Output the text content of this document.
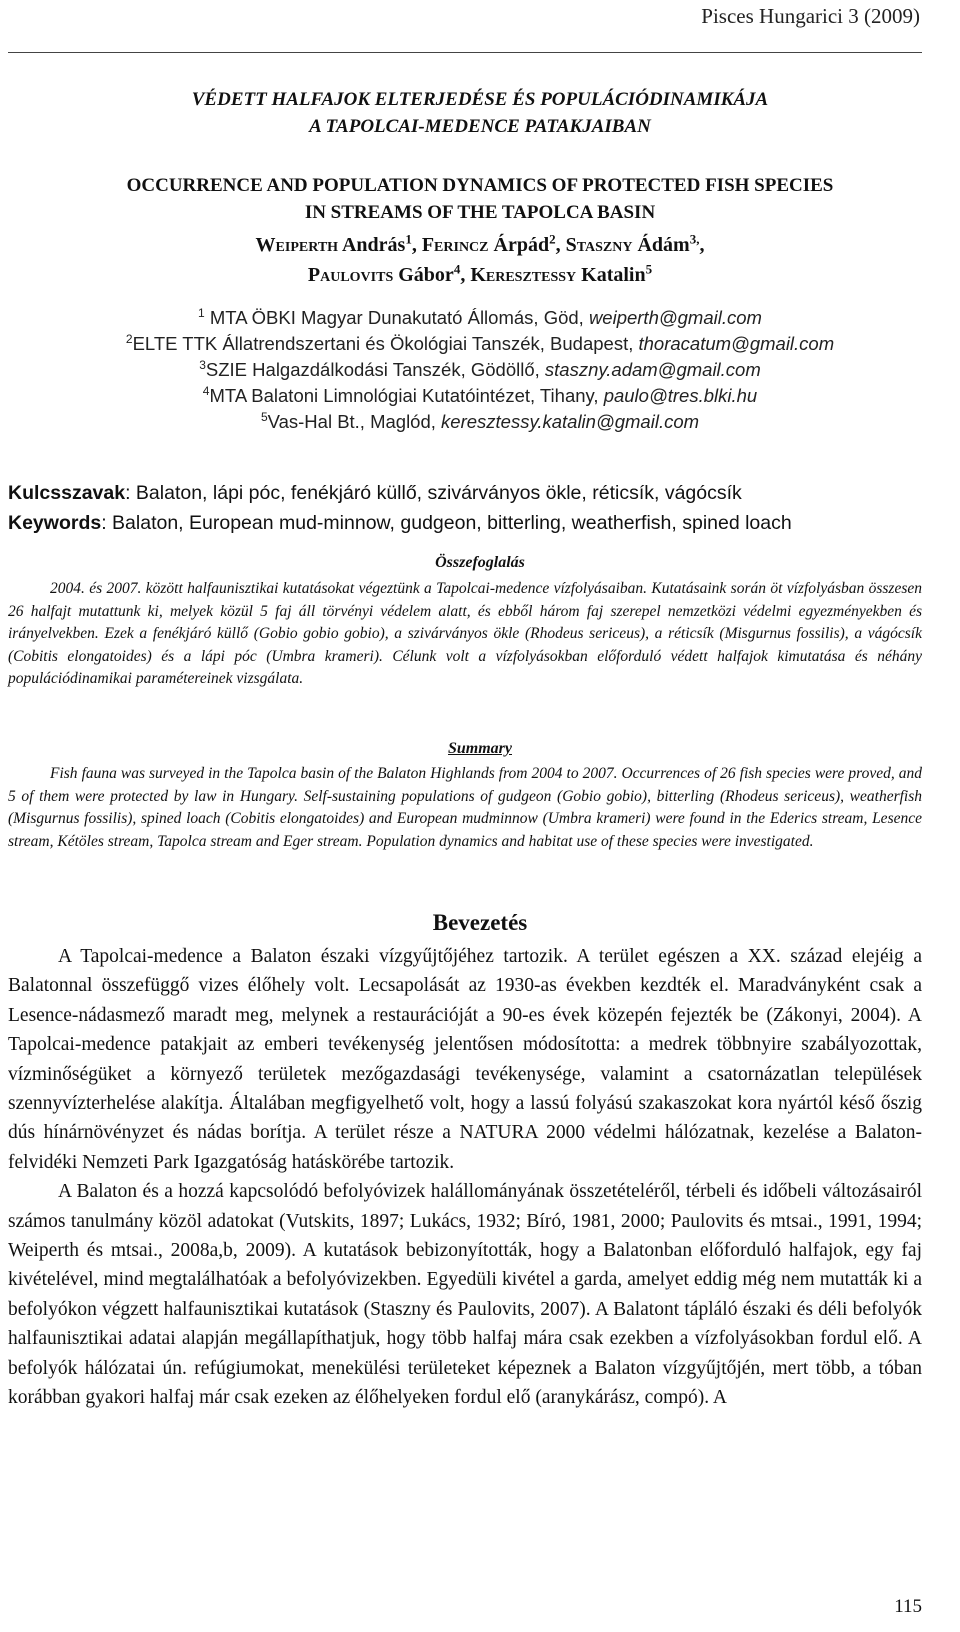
Pisces Hungarici 3 (2009)
VÉDETT HALFAJOK ELTERJEDÉSE ÉS POPULÁCIÓDINAMIKÁJA
A TAPOLCAI-MEDENCE PATAKJAIBAN
OCCURRENCE AND POPULATION DYNAMICS OF PROTECTED FISH SPECIES
IN STREAMS OF THE TAPOLCA BASIN
Weiperth András$^1$, Ferincz Árpád$^2$, Staszny Ádám$^{3,}$,
Paulovits Gábor$^4$, Keresztessy Katalin$^5$
$^1$ MTA ÖBKI Magyar Dunakutató Állomás, Göd, weiperth@gmail.com
$^2$ELTE TTK Állatrendszertani és Ökológiai Tanszék, Budapest, thoracatum@gmail.com
$^3$SZIE Halgazdálkodási Tanszék, Gödöllő, staszny.adam@gmail.com
$^4$MTA Balatoni Limnológiai Kutatóintézet, Tihany, paulo@tres.blki.hu
$^5$Vas-Hal Bt., Maglód, keresztessy.katalin@gmail.com
Kulcsszavak: Balaton, lápi póc, fenékjáró küllő, szivárványos ökle, réticsík, vágócsík
Keywords: Balaton, European mud-minnow, gudgeon, bitterling, weatherfish, spined loach
Összefoglalás

2004. és 2007. között halfaunisztikai kutatásokat végeztünk a Tapolcai-medence vízfolyásaiban. Kutatásaink során öt vízfolyásban összesen 26 halfajt mutattunk ki, melyek közül 5 faj áll törvényi védelem alatt, és ebből három faj szerepel nemzetközi védelmi egyezményekben és irányelvekben. Ezek a fenékjáró küllő (Gobio gobio gobio), a szivárványos ökle (Rhodeus sericeus), a réticsík (Misgurnus fossilis), a vágócsík (Cobitis elongatoides) és a lápi póc (Umbra krameri). Célunk volt a vízfolyásokban előforduló védett halfajok kimutatása és néhány populációdinamikai paramétereinek vizsgálata.

Summary

Fish fauna was surveyed in the Tapolca basin of the Balaton Highlands from 2004 to 2007. Occurrences of 26 fish species were proved, and 5 of them were protected by law in Hungary. Self-sustaining populations of gudgeon (Gobio gobio), bitterling (Rhodeus sericeus), weatherfish (Misgurnus fossilis), spined loach (Cobitis elongatoides) and European mudminnow (Umbra krameri) were found in the Ederics stream, Lesence stream, Kétöles stream, Tapolca stream and Eger stream. Population dynamics and habitat use of these species were investigated.

Bevezetés

A Tapolcai-medence a Balaton északi vízgyűjtőjéhez tartozik. A terület egészen a XX. század elejéig a Balatonnal összefüggő vizes élőhely volt. Lecsapolását az 1930-as években kezdték el. Maradványként csak a Lesence-nádasmező maradt meg, melynek a restaurációját a 90-es évek közepén fejezték be (Zákonyi, 2004). A Tapolcai-medence patakjait az emberi tevékenység jelentősen módosította: a medrek többnyire szabályozottak, vízminőségüket a környező területek mezőgazdasági tevékenysége, valamint a csatornázatlan települések szennyvízterhelése alakítja. Általában megfigyelhető volt, hogy a lassú folyású szakaszokat kora nyártól késő őszig dús hínárnövényzet és nádas borítja. A terület része a NATURA 2000 védelmi hálózatnak, kezelése a Balaton-felvidéki Nemzeti Park Igazgatóság hatáskörébe tartozik.

A Balaton és a hozzá kapcsolódó befolyóvizek halállományának összetételéről, térbeli és időbeli változásairól számos tanulmány közöl adatokat (Vutskits, 1897; Lukács, 1932; Bíró, 1981, 2000; Paulovits és mtsai., 1991, 1994; Weiperth és mtsai., 2008a,b, 2009). A kutatások bebizonyították, hogy a Balatonban előforduló halfajok, egy faj kivételével, mind megtalálhatóak a befolyóvizekben. Egyedüli kivétel a garda, amelyet eddig még nem mutatták ki a befolyókon végzett halfaunisztikai kutatások (Staszny és Paulovits, 2007). A Balatont tápláló északi és déli befolyók halfaunisztikai adatai alapján megállapíthatjuk, hogy több halfaj mára csak ezekben a vízfolyásokban fordul elő. A befolyók hálózatai ún. refúgiumokat, menekülési területeket képeznek a Balaton vízgyűjtőjén, mert több, a tóban korábban gyakori halfaj már csak ezeken az élőhelyeken fordul elő (aranykárász, compó). A

115
